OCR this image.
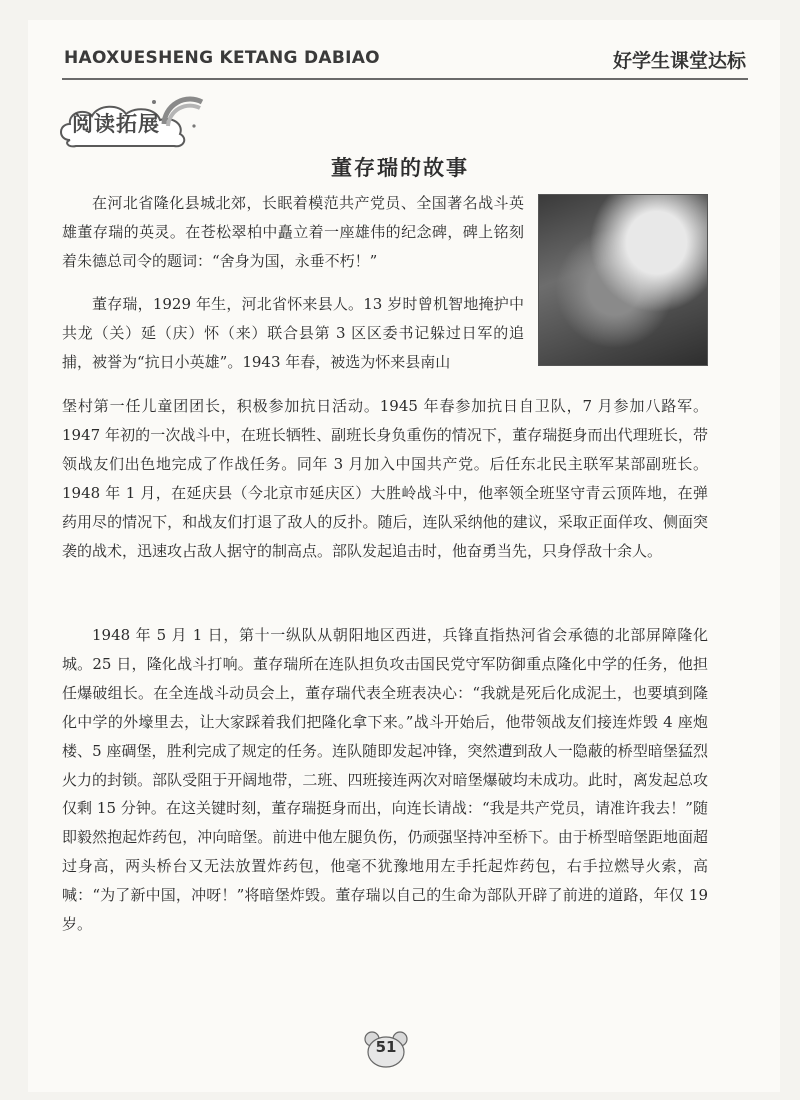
HAOXUESHENG KETANG DABIAO	好学生课堂达标
阅读拓展
董存瑞的故事

在河北省隆化县城北郊，长眠着模范共产党员、全国著名战斗英雄董存瑞的英灵。在苍松翠柏中矗立着一座雄伟的纪念碑，碑上铭刻着朱德总司令的题词：“舍身为国，永垂不朽！”

董存瑞，1929 年生，河北省怀来县人。13 岁时曾机智地掩护中共龙（关）延（庆）怀（来）联合县第 3 区区委书记躲过日军的追捕，被誉为“抗日小英雄”。1943 年春，被选为怀来县南山

堡村第一任儿童团团长，积极参加抗日活动。1945 年春参加抗日自卫队，7 月参加八路军。1947 年初的一次战斗中，在班长牺牲、副班长身负重伤的情况下，董存瑞挺身而出代理班长，带领战友们出色地完成了作战任务。同年 3 月加入中国共产党。后任东北民主联军某部副班长。1948 年 1 月，在延庆县（今北京市延庆区）大胜岭战斗中，他率领全班坚守青云顶阵地，在弹药用尽的情况下，和战友们打退了敌人的反扑。随后，连队采纳他的建议，采取正面佯攻、侧面突袭的战术，迅速攻占敌人据守的制高点。部队发起追击时，他奋勇当先，只身俘敌十余人。

1948 年 5 月 1 日，第十一纵队从朝阳地区西进，兵锋直指热河省会承德的北部屏障隆化城。25 日，隆化战斗打响。董存瑞所在连队担负攻击国民党守军防御重点隆化中学的任务，他担任爆破组长。在全连战斗动员会上，董存瑞代表全班表决心：“我就是死后化成泥土，也要填到隆化中学的外壕里去，让大家踩着我们把隆化拿下来。”战斗开始后，他带领战友们接连炸毁 4 座炮楼、5 座碉堡，胜利完成了规定的任务。连队随即发起冲锋，突然遭到敌人一隐蔽的桥型暗堡猛烈火力的封锁。部队受阻于开阔地带，二班、四班接连两次对暗堡爆破均未成功。此时，离发起总攻仅剩 15 分钟。在这关键时刻，董存瑞挺身而出，向连长请战：“我是共产党员，请准许我去！”随即毅然抱起炸药包，冲向暗堡。前进中他左腿负伤，仍顽强坚持冲至桥下。由于桥型暗堡距地面超过身高，两头桥台又无法放置炸药包，他毫不犹豫地用左手托起炸药包，右手拉燃导火索，高喊：“为了新中国，冲呀！”将暗堡炸毁。董存瑞以自己的生命为部队开辟了前进的道路，年仅 19 岁。

51
